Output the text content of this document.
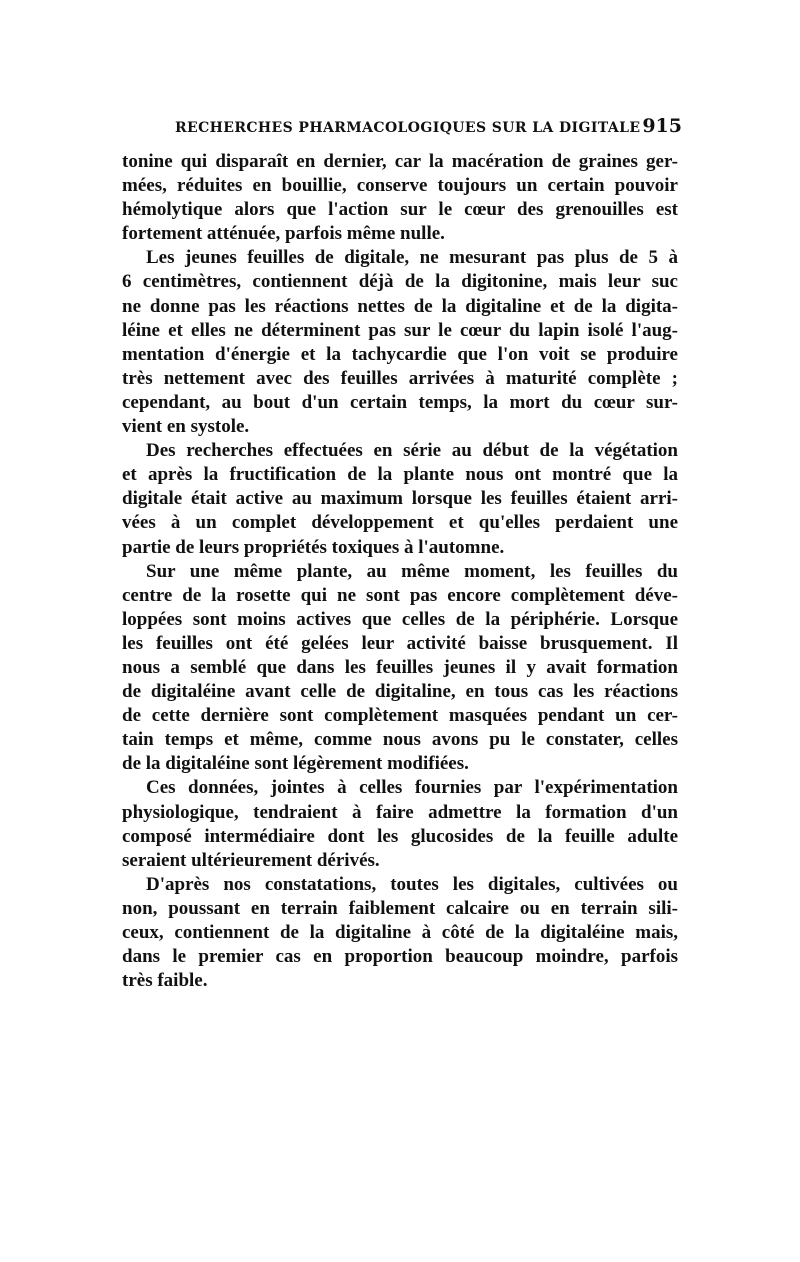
RECHERCHES PHARMACOLOGIQUES SUR LA DIGITALE 915
tonine qui disparaît en dernier, car la macération de graines ger-
mées, réduites en bouillie, conserve toujours un certain pouvoir
hémolytique alors que l'action sur le cœur des grenouilles est
fortement atténuée, parfois même nulle.
Les jeunes feuilles de digitale, ne mesurant pas plus de 5 à
6 centimètres, contiennent déjà de la digitonine, mais leur suc
ne donne pas les réactions nettes de la digitaline et de la digita-
léine et elles ne déterminent pas sur le cœur du lapin isolé l'aug-
mentation d'énergie et la tachycardie que l'on voit se produire
très nettement avec des feuilles arrivées à maturité complète ;
cependant, au bout d'un certain temps, la mort du cœur sur-
vient en systole.
Des recherches effectuées en série au début de la végétation
et après la fructification de la plante nous ont montré que la
digitale était active au maximum lorsque les feuilles étaient arri-
vées à un complet développement et qu'elles perdaient une
partie de leurs propriétés toxiques à l'automne.
Sur une même plante, au même moment, les feuilles du
centre de la rosette qui ne sont pas encore complètement déve-
loppées sont moins actives que celles de la périphérie. Lorsque
les feuilles ont été gelées leur activité baisse brusquement. Il
nous a semblé que dans les feuilles jeunes il y avait formation
de digitaléine avant celle de digitaline, en tous cas les réactions
de cette dernière sont complètement masquées pendant un cer-
tain temps et même, comme nous avons pu le constater, celles
de la digitaléine sont légèrement modifiées.
Ces données, jointes à celles fournies par l'expérimentation
physiologique, tendraient à faire admettre la formation d'un
composé intermédiaire dont les glucosides de la feuille adulte
seraient ultérieurement dérivés.
D'après nos constatations, toutes les digitales, cultivées ou
non, poussant en terrain faiblement calcaire ou en terrain sili-
ceux, contiennent de la digitaline à côté de la digitaléine mais,
dans le premier cas en proportion beaucoup moindre, parfois
très faible.
